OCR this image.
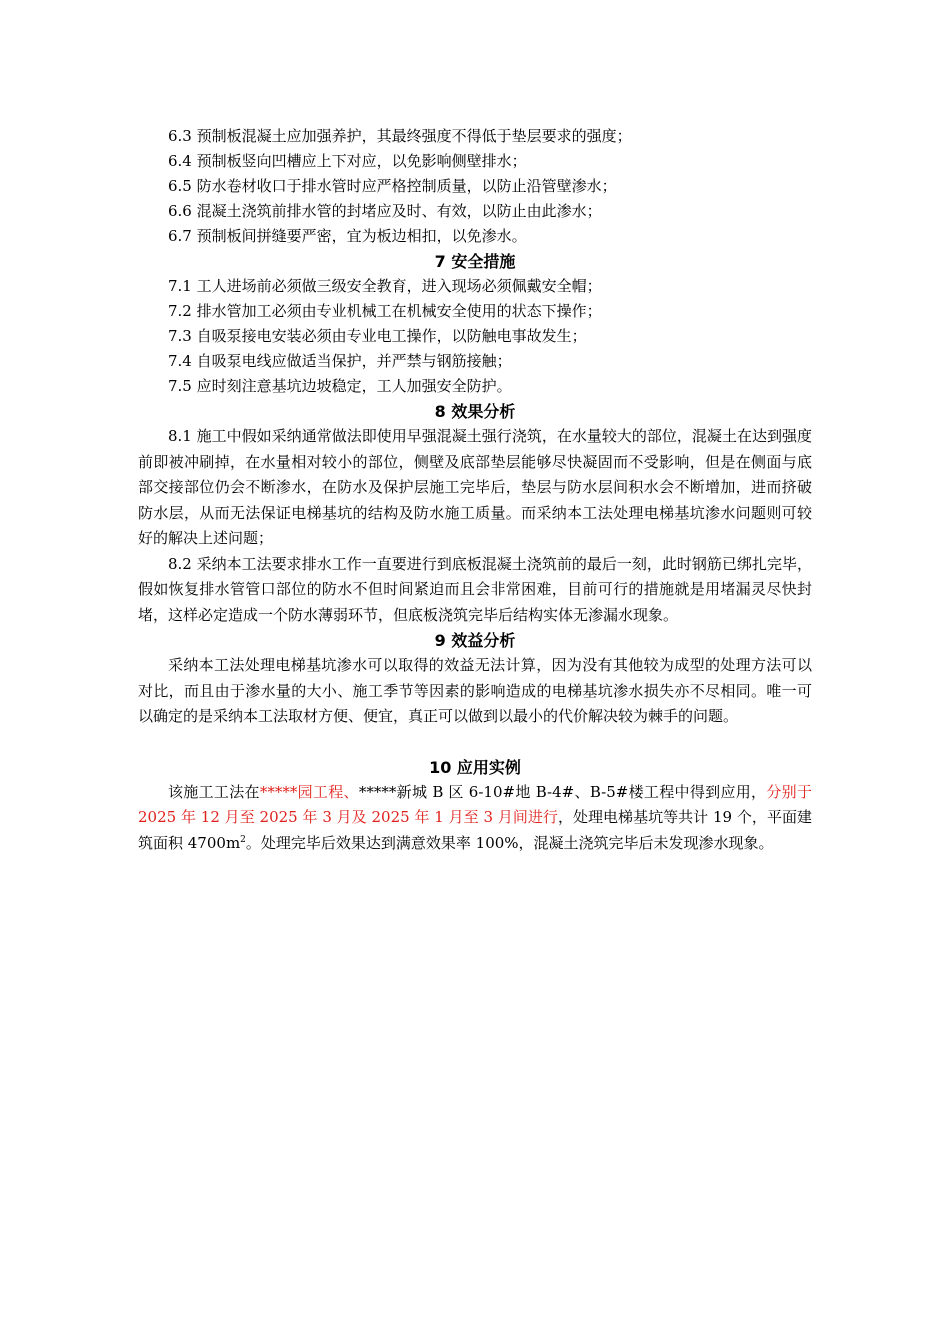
6.3 预制板混凝土应加强养护，其最终强度不得低于垫层要求的强度；

6.4 预制板竖向凹槽应上下对应，以免影响侧壁排水；

6.5 防水卷材收口于排水管时应严格控制质量，以防止沿管壁渗水；

6.6 混凝土浇筑前排水管的封堵应及时、有效，以防止由此渗水；

6.7 预制板间拼缝要严密，宜为板边相扣，以免渗水。

7 安全措施

7.1 工人进场前必须做三级安全教育，进入现场必须佩戴安全帽；

7.2 排水管加工必须由专业机械工在机械安全使用的状态下操作；

7.3 自吸泵接电安装必须由专业电工操作，以防触电事故发生；

7.4 自吸泵电线应做适当保护，并严禁与钢筋接触；

7.5 应时刻注意基坑边坡稳定，工人加强安全防护。

8 效果分析

8.1 施工中假如采纳通常做法即使用早强混凝土强行浇筑，在水量较大的部位，混凝土在达到强度前即被冲刷掉，在水量相对较小的部位，侧壁及底部垫层能够尽快凝固而不受影响，但是在侧面与底部交接部位仍会不断渗水，在防水及保护层施工完毕后，垫层与防水层间积水会不断增加，进而挤破防水层，从而无法保证电梯基坑的结构及防水施工质量。而采纳本工法处理电梯基坑渗水问题则可较好的解决上述问题；

8.2 采纳本工法要求排水工作一直要进行到底板混凝土浇筑前的最后一刻，此时钢筋已绑扎完毕，假如恢复排水管管口部位的防水不但时间紧迫而且会非常困难，目前可行的措施就是用堵漏灵尽快封堵，这样必定造成一个防水薄弱环节，但底板浇筑完毕后结构实体无渗漏水现象。

9 效益分析

采纳本工法处理电梯基坑渗水可以取得的效益无法计算，因为没有其他较为成型的处理方法可以对比，而且由于渗水量的大小、施工季节等因素的影响造成的电梯基坑渗水损失亦不尽相同。唯一可以确定的是采纳本工法取材方便、便宜，真正可以做到以最小的代价解决较为棘手的问题。

10 应用实例

该施工工法在*****园工程、*****新城 B 区 6-10#地 B-4#、B-5#楼工程中得到应用，分别于 2025 年 12 月至 2025 年 3 月及 2025 年 1 月至 3 月间进行，处理电梯基坑等共计 19 个，平面建筑面积 $4700m^2$。处理完毕后效果达到满意效果率 100%，混凝土浇筑完毕后未发现渗水现象。
